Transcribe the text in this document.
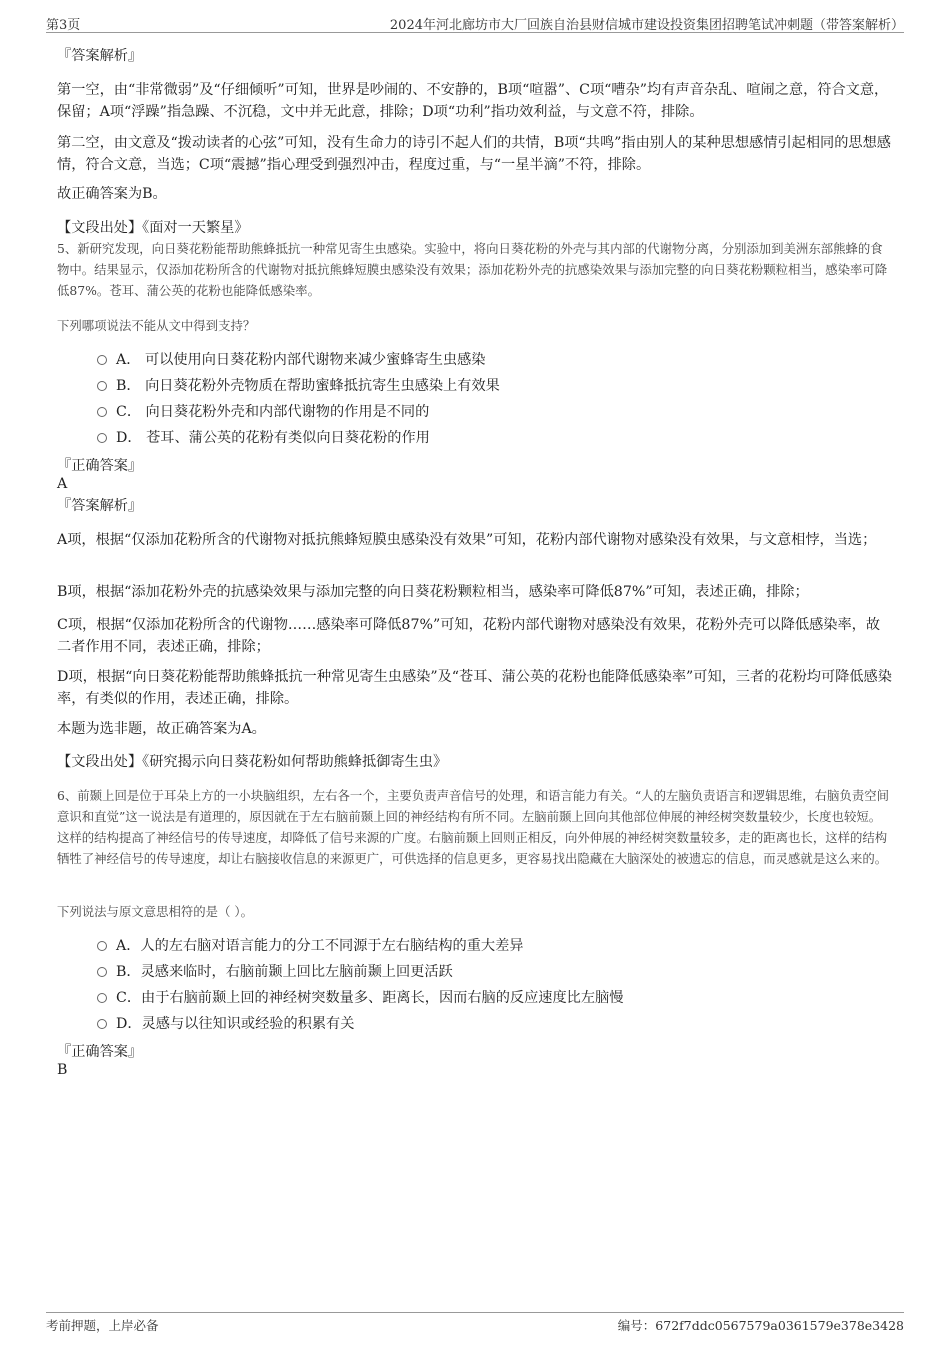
第3页	2024年河北廊坊市大厂回族自治县财信城市建设投资集团招聘笔试冲刺题（带答案解析）
『答案解析』
第一空，由“非常微弱”及“仔细倾听”可知，世界是吵闹的、不安静的，B项“喧嚣”、C项“嘈杂”均有声音杂乱、喧闹之意，符合文意，保留；A项“浮躁”指急躁、不沉稳，文中并无此意，排除；D项“功利”指功效利益，与文意不符，排除。
第二空，由文意及“拨动读者的心弦”可知，没有生命力的诗引不起人们的共情，B项“共鸣”指由别人的某种思想感情引起相同的思想感情，符合文意，当选；C项“震撼”指心理受到强烈冲击，程度过重，与“一星半滴”不符，排除。
故正确答案为B。
【文段出处】《面对一天繁星》
5、新研究发现，向日葵花粉能帮助熊蜂抵抗一种常见寄生虫感染。实验中，将向日葵花粉的外壳与其内部的代谢物分离，分别添加到美洲东部熊蜂的食物中。结果显示，仅添加花粉所含的代谢物对抵抗熊蜂短膜虫感染没有效果；添加花粉外壳的抗感染效果与添加完整的向日葵花粉颗粒相当，感染率可降低87%。苍耳、蒲公英的花粉也能降低感染率。
下列哪项说法不能从文中得到支持？
A． 可以使用向日葵花粉内部代谢物来减少蜜蜂寄生虫感染
B． 向日葵花粉外壳物质在帮助蜜蜂抵抗寄生虫感染上有效果
C． 向日葵花粉外壳和内部代谢物的作用是不同的
D． 苍耳、蒲公英的花粉有类似向日葵花粉的作用
『正确答案』
A
『答案解析』
A项，根据“仅添加花粉所含的代谢物对抵抗熊蜂短膜虫感染没有效果”可知，花粉内部代谢物对感染没有效果，与文意相悖，当选；
B项，根据“添加花粉外壳的抗感染效果与添加完整的向日葵花粉颗粒相当，感染率可降低87%”可知，表述正确，排除；
C项，根据“仅添加花粉所含的代谢物……感染率可降低87%”可知，花粉内部代谢物对感染没有效果，花粉外壳可以降低感染率，故二者作用不同，表述正确，排除；
D项，根据“向日葵花粉能帮助熊蜂抵抗一种常见寄生虫感染”及“苍耳、蒲公英的花粉也能降低感染率”可知，三者的花粉均可降低感染率，有类似的作用，表述正确，排除。
本题为选非题，故正确答案为A。
【文段出处】《研究揭示向日葵花粉如何帮助熊蜂抵御寄生虫》
6、前颞上回是位于耳朵上方的一小块脑组织，左右各一个，主要负责声音信号的处理，和语言能力有关。“人的左脑负责语言和逻辑思维，右脑负责空间意识和直觉”这一说法是有道理的，原因就在于左右脑前颞上回的神经结构有所不同。左脑前颞上回向其他部位伸展的神经树突数量较少，长度也较短。这样的结构提高了神经信号的传导速度，却降低了信号来源的广度。右脑前颞上回则正相反，向外伸展的神经树突数量较多，走的距离也长，这样的结构牺牲了神经信号的传导速度，却让右脑接收信息的来源更广，可供选择的信息更多，更容易找出隐藏在大脑深处的被遗忘的信息，而灵感就是这么来的。
下列说法与原文意思相符的是（ ）。
A．人的左右脑对语言能力的分工不同源于左右脑结构的重大差异
B．灵感来临时，右脑前颞上回比左脑前颞上回更活跃
C．由于右脑前颞上回的神经树突数量多、距离长，因而右脑的反应速度比左脑慢
D．灵感与以往知识或经验的积累有关
『正确答案』
B
考前押题，上岸必备	编号：672f7ddc0567579a0361579e378e3428
